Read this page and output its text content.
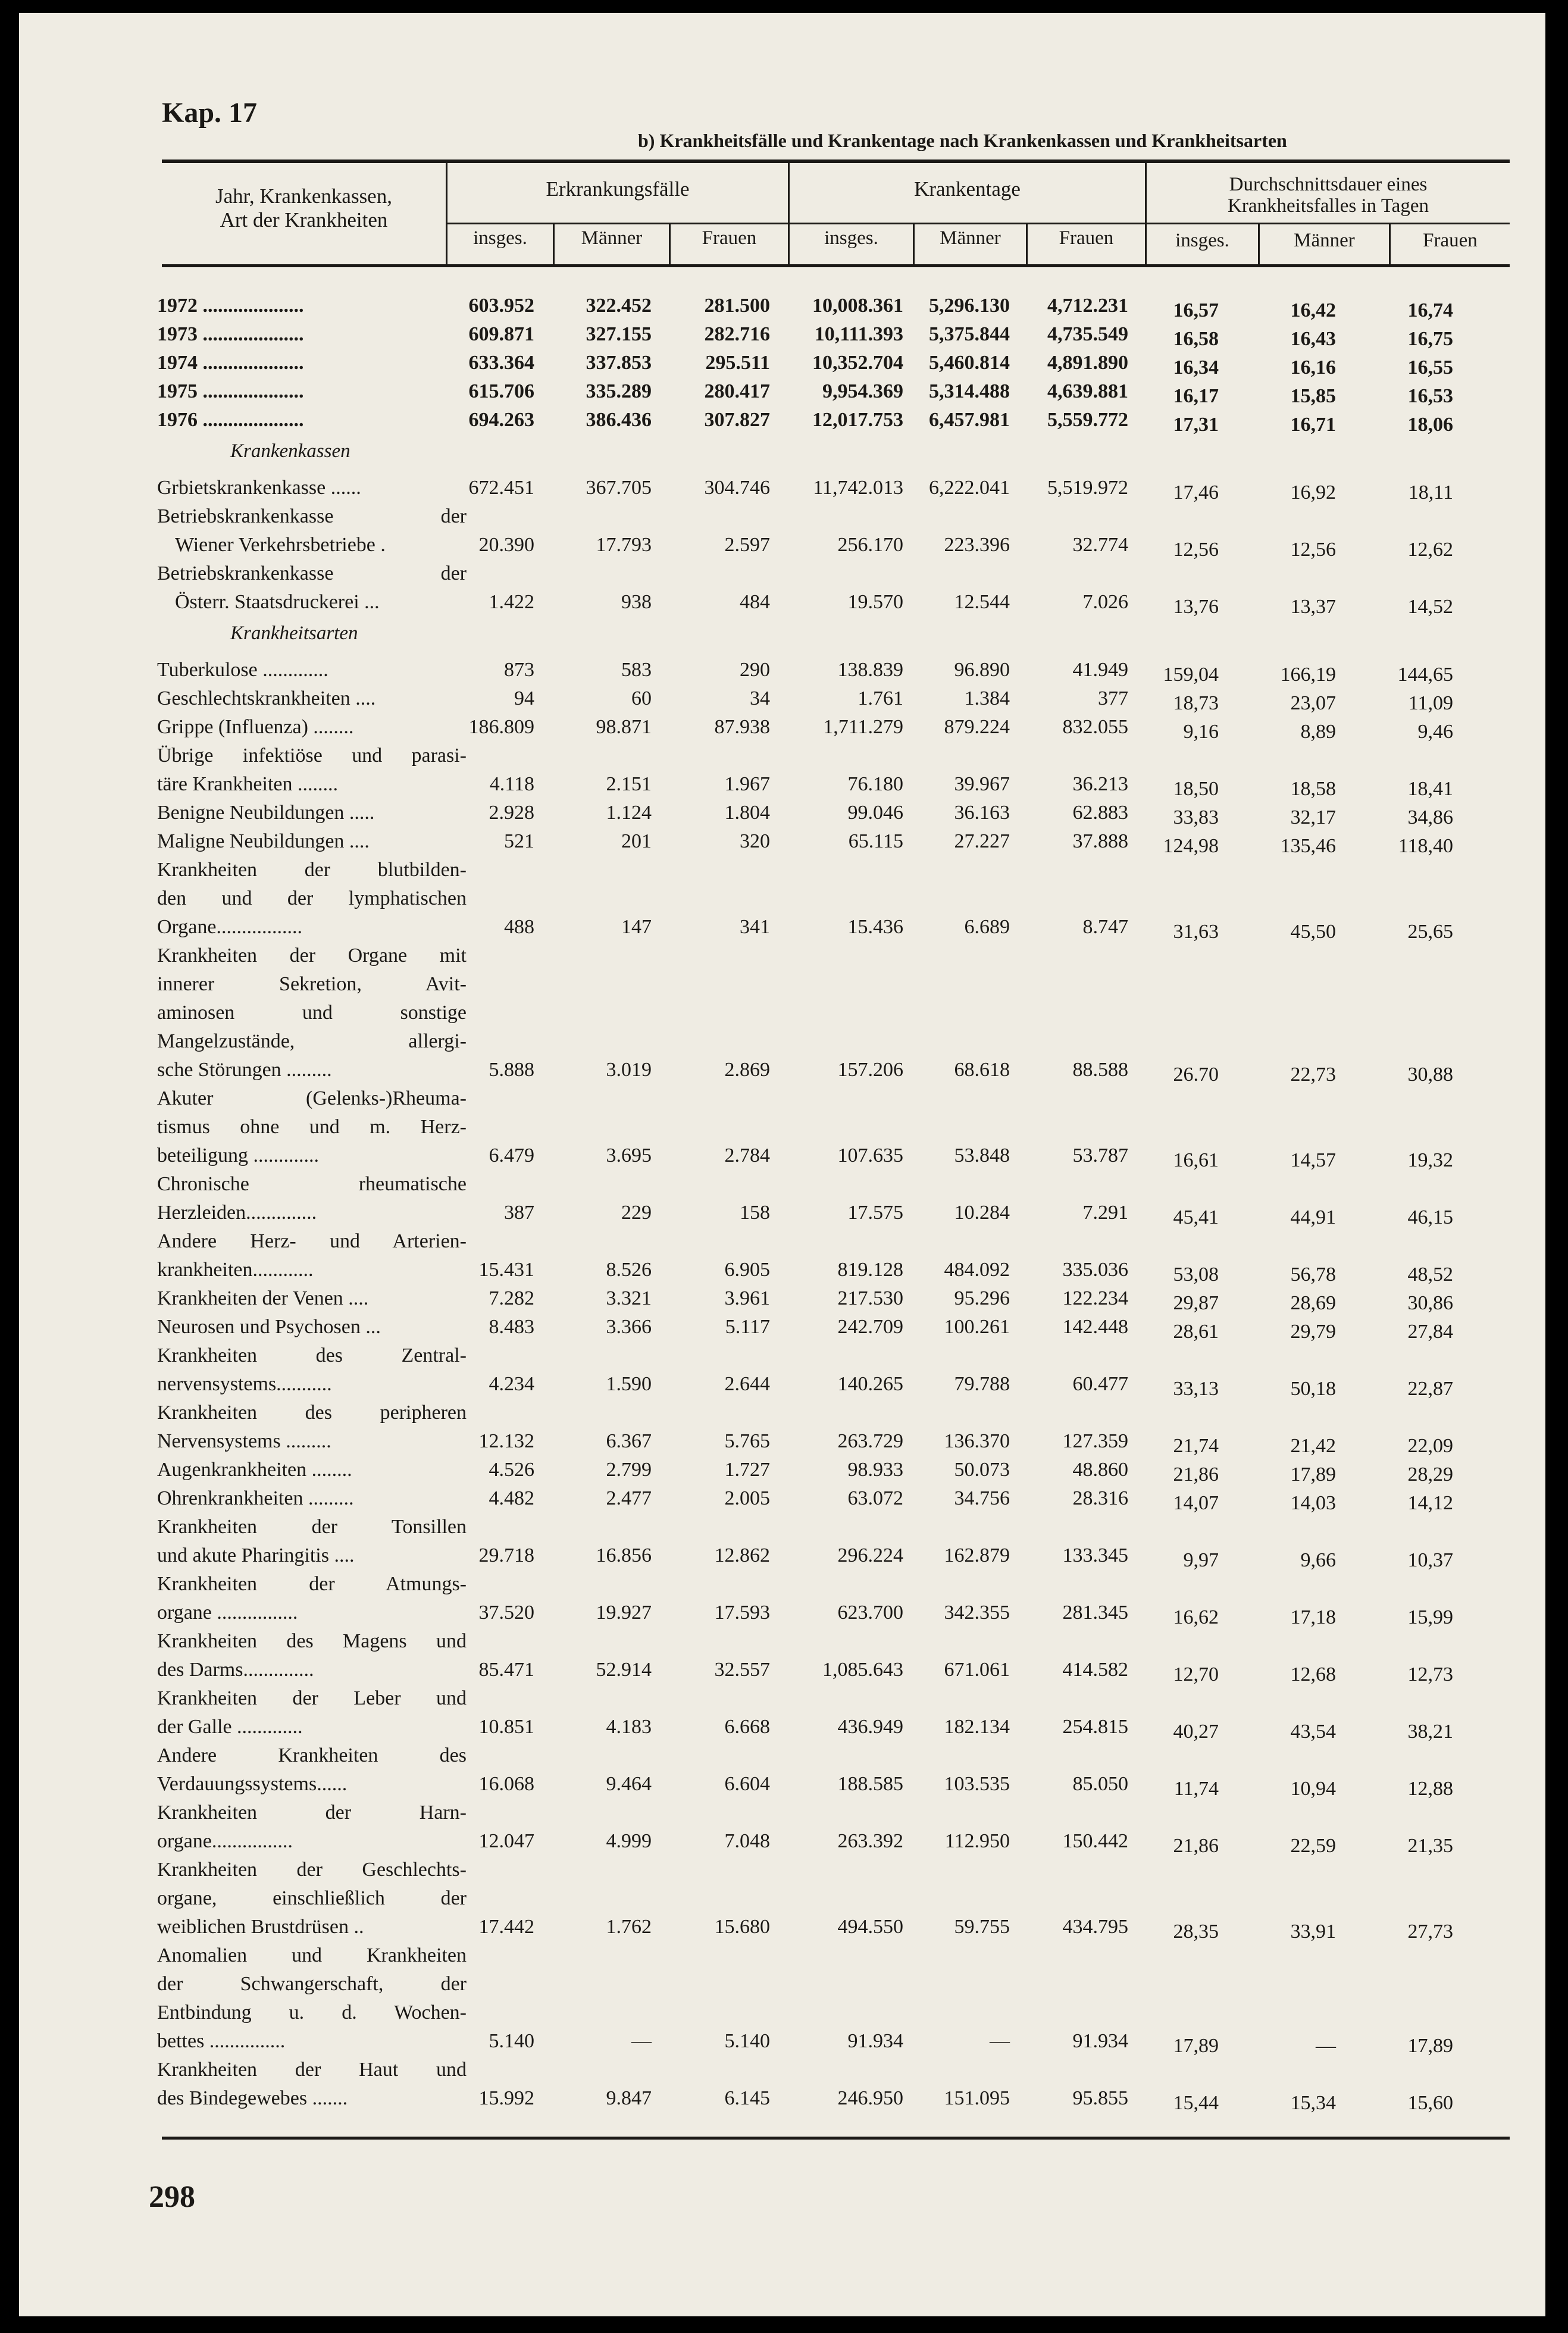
Kap. 17
b) Krankheitsfälle und Krankentage nach Krankenkassen und Krankheitsarten
Jahr, Krankenkassen,
Art der Krankheiten
Erkrankungsfälle	Krankentage	Durchschnittsdauer eines
Krankheitsfalles in Tagen
insges.	Männer	Frauen	insges.	Männer	Frauen	insges.	Männer	Frauen
1972 ....................	603.952	322.452	281.500	10,008.361	5,296.130	4,712.231	16,57	16,42	16,74
1973 ....................	609.871	327.155	282.716	10,111.393	5,375.844	4,735.549	16,58	16,43	16,75
1974 ....................	633.364	337.853	295.511	10,352.704	5,460.814	4,891.890	16,34	16,16	16,55
1975 ....................	615.706	335.289	280.417	9,954.369	5,314.488	4,639.881	16,17	15,85	16,53
1976 ....................	694.263	386.436	307.827	12,017.753	6,457.981	5,559.772	17,31	16,71	18,06
Krankenkassen
Grbietskrankenkasse ......	672.451	367.705	304.746	11,742.013	6,222.041	5,519.972	17,46	16,92	18,11
Betriebskrankenkasse der
Wiener Verkehrsbetriebe .	20.390	17.793	2.597	256.170	223.396	32.774	12,56	12,56	12,62
Betriebskrankenkasse der
Österr. Staatsdruckerei ...	1.422	938	484	19.570	12.544	7.026	13,76	13,37	14,52
Krankheitsarten
Tuberkulose .............	873	583	290	138.839	96.890	41.949	159,04	166,19	144,65
Geschlechtskrankheiten ....	94	60	34	1.761	1.384	377	18,73	23,07	11,09
Grippe (Influenza) ........	186.809	98.871	87.938	1,711.279	879.224	832.055	9,16	8,89	9,46
Übrige infektiöse und parasi-
täre Krankheiten ........	4.118	2.151	1.967	76.180	39.967	36.213	18,50	18,58	18,41
Benigne Neubildungen .....	2.928	1.124	1.804	99.046	36.163	62.883	33,83	32,17	34,86
Maligne Neubildungen ....	521	201	320	65.115	27.227	37.888	124,98	135,46	118,40
Krankheiten der blutbilden-
den und der lymphatischen
Organe.................	488	147	341	15.436	6.689	8.747	31,63	45,50	25,65
Krankheiten der Organe mit
innerer Sekretion, Avit-
aminosen und sonstige
Mangelzustände, allergi-
sche Störungen .........	5.888	3.019	2.869	157.206	68.618	88.588	26.70	22,73	30,88
Akuter (Gelenks-)Rheuma-
tismus ohne und m. Herz-
beteiligung .............	6.479	3.695	2.784	107.635	53.848	53.787	16,61	14,57	19,32
Chronische rheumatische
Herzleiden..............	387	229	158	17.575	10.284	7.291	45,41	44,91	46,15
Andere Herz- und Arterien-
krankheiten............	15.431	8.526	6.905	819.128	484.092	335.036	53,08	56,78	48,52
Krankheiten der Venen ....	7.282	3.321	3.961	217.530	95.296	122.234	29,87	28,69	30,86
Neurosen und Psychosen ...	8.483	3.366	5.117	242.709	100.261	142.448	28,61	29,79	27,84
Krankheiten des Zentral-
nervensystems...........	4.234	1.590	2.644	140.265	79.788	60.477	33,13	50,18	22,87
Krankheiten des peripheren
Nervensystems .........	12.132	6.367	5.765	263.729	136.370	127.359	21,74	21,42	22,09
Augenkrankheiten ........	4.526	2.799	1.727	98.933	50.073	48.860	21,86	17,89	28,29
Ohrenkrankheiten .........	4.482	2.477	2.005	63.072	34.756	28.316	14,07	14,03	14,12
Krankheiten der Tonsillen
und akute Pharingitis ....	29.718	16.856	12.862	296.224	162.879	133.345	9,97	9,66	10,37
Krankheiten der Atmungs-
organe ................	37.520	19.927	17.593	623.700	342.355	281.345	16,62	17,18	15,99
Krankheiten des Magens und
des Darms..............	85.471	52.914	32.557	1,085.643	671.061	414.582	12,70	12,68	12,73
Krankheiten der Leber und
der Galle .............	10.851	4.183	6.668	436.949	182.134	254.815	40,27	43,54	38,21
Andere Krankheiten des
Verdauungssystems......	16.068	9.464	6.604	188.585	103.535	85.050	11,74	10,94	12,88
Krankheiten der Harn-
organe................	12.047	4.999	7.048	263.392	112.950	150.442	21,86	22,59	21,35
Krankheiten der Geschlechts-
organe, einschließlich der
weiblichen Brustdrüsen ..	17.442	1.762	15.680	494.550	59.755	434.795	28,35	33,91	27,73
Anomalien und Krankheiten
der Schwangerschaft, der
Entbindung u. d. Wochen-
bettes ...............	5.140	—	5.140	91.934	—	91.934	17,89	—	17,89
Krankheiten der Haut und
des Bindegewebes .......	15.992	9.847	6.145	246.950	151.095	95.855	15,44	15,34	15,60
298
